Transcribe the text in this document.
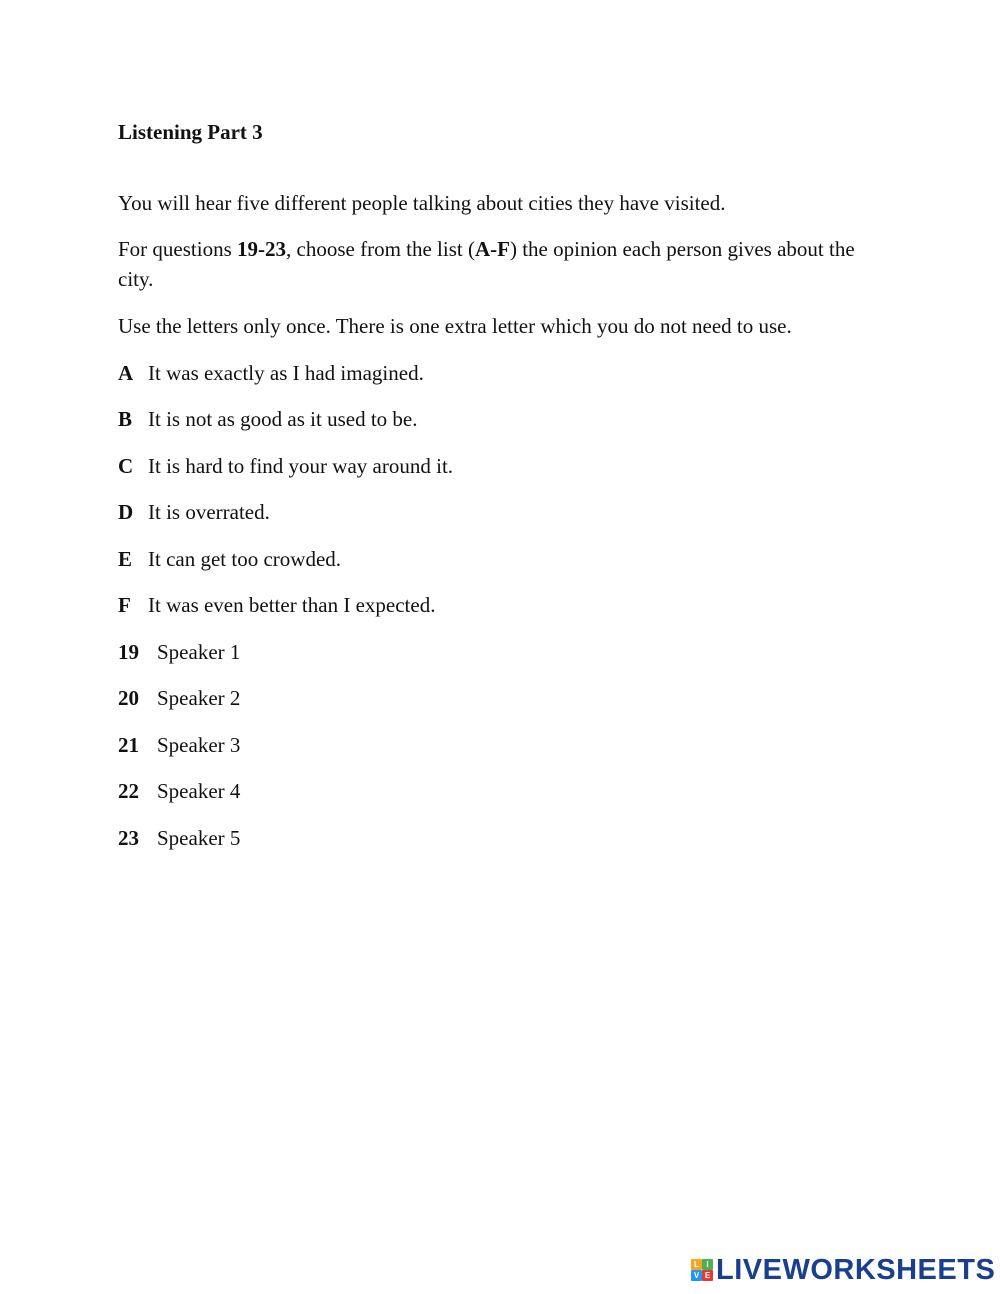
Listening Part 3
You will hear five different people talking about cities they have visited.
For questions 19-23, choose from the list (A-F) the opinion each person gives about the city.
Use the letters only once. There is one extra letter which you do not need to use.
A It was exactly as I had imagined.
B It is not as good as it used to be.
C It is hard to find your way around it.
D It is overrated.
E It can get too crowded.
F It was even better than I expected.
19 Speaker 1
20 Speaker 2
21 Speaker 3
22 Speaker 4
23 Speaker 5
L I
V E LIVEWORKSHEETS
